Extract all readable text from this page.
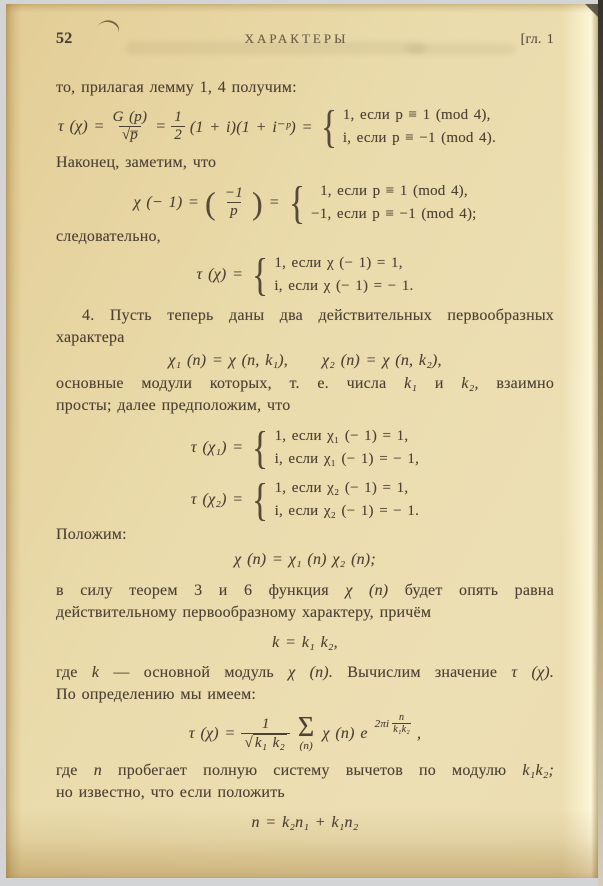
52	ХАРАКТЕРЫ	[гл. 1

то, прилагая лемму 1, 4 получим:

τ $(\chi) = \frac{G (p)}{√p̅} = \frac{1}{2} (1 + i)(1$ + i⁻ᵖ) = { 1, если p ≡ 1 (mod 4),
i, если p ≡ −1 (mod 4).

Наконец, заметим, что

χ (− 1) = ( $\frac{-1}{p}$ ) = { 1, если p ≡ 1 (mod 4),
−1, если p ≡ −1 (mod 4);

следовательно,

τ (χ) = { 1, если χ (− 1) = 1,
i, если χ (− 1) = − 1.

4. Пусть теперь даны два действительных первообразных

характера

χ₁ (n) = χ (n, k₁), χ₂ (n) = χ (n, k₂),

основные модули которых, т. е. числа k₁ и k₂, взаимно

просты; далее предположим, что

τ (χ₁) = { 1, если χ₁ (− 1) = 1,
i, если χ₁ (− 1) = − 1,
τ (χ₂) = { 1, если χ₂ (− 1) = 1,
i, если χ₂ (− 1) = − 1.

Положим:

χ (n) = χ₁ (n) χ₂ (n);

в силу теорем 3 и 6 функция χ (n) будет опять равна

действительному первообразному характеру, причём

k = k₁ k₂,

где k — основной модуль χ (n). Вычислим значение τ (χ).

По определению мы имеем:

τ $(\chi) = \frac{1}{\text{√ k₁ k₂}}$ Σ
(n)
χ (n) e
$2\pi i \frac{n}{\text{k₁k₂}}$ ,

где n пробегает полную систему вычетов по модулю k₁k₂;

но известно, что если положить

n = k₂n₁ + k₁n₂
